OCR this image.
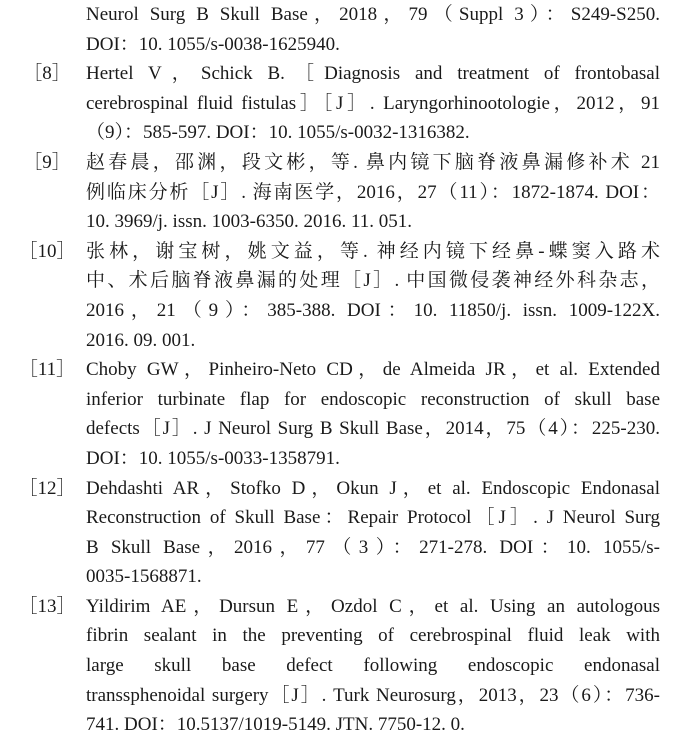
Neurol Surg B Skull Base，2018，79（Suppl 3）：S249-S250.
DOI：10. 1055/s-0038-1625940.
［8］ Hertel V，Schick B.［Diagnosis and treatment of frontobasal
cerebrospinal fluid fistulas］［J］. Laryngorhinootologie，2012，91
（9）：585-597. DOI：10. 1055/s-0032-1316382.
［9］ 赵春晨，邵渊，段文彬，等. 鼻内镜下脑脊液鼻漏修补术 21
例临床分析［J］. 海南医学，2016，27（11）：1872-1874. DOI：
10. 3969/j. issn. 1003-6350. 2016. 11. 051.
［10］ 张林，谢宝树，姚文益，等. 神经内镜下经鼻-蝶窦入路术
中、术后脑脊液鼻漏的处理［J］. 中国微侵袭神经外科杂志，
2016，21（9）：385-388. DOI：10. 11850/j. issn. 1009-122X.
2016. 09. 001.
［11］ Choby GW，Pinheiro-Neto CD，de Almeida JR，et al. Extended
inferior turbinate flap for endoscopic reconstruction of skull base
defects［J］. J Neurol Surg B Skull Base，2014，75（4）：225-230.
DOI：10. 1055/s-0033-1358791.
［12］ Dehdashti AR，Stofko D，Okun J，et al. Endoscopic Endonasal
Reconstruction of Skull Base：Repair Protocol［J］. J Neurol Surg
B Skull Base，2016，77（3）：271-278. DOI：10. 1055/s-
0035-1568871.
［13］ Yildirim AE，Dursun E，Ozdol C，et al. Using an autologous
fibrin sealant in the preventing of cerebrospinal fluid leak with
large skull base defect following endoscopic endonasal
transsphenoidal surgery［J］. Turk Neurosurg，2013，23（6）：736-
741. DOI：10.5137/1019-5149. JTN. 7750-12. 0.
